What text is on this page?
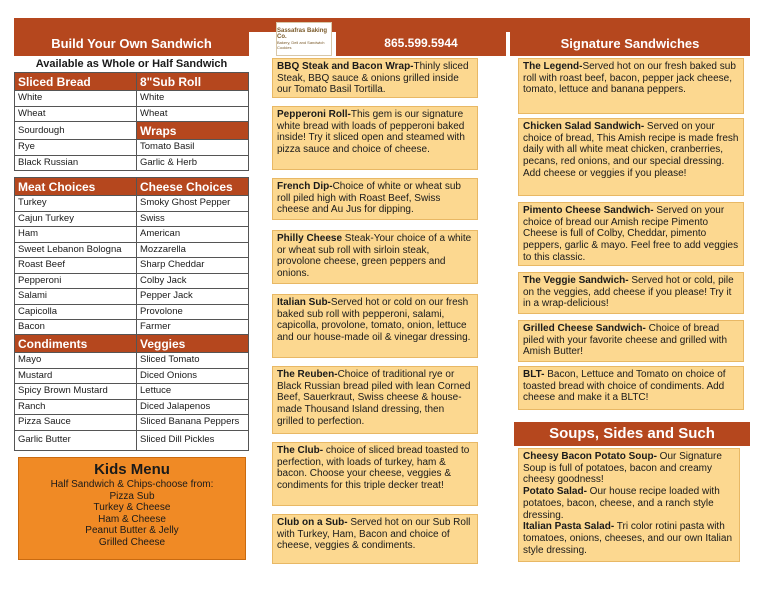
Build Your Own Sandwich	865.599.5944	Signature Sandwiches
Sassafras Baking Co.
Bakery, Deli and Sandwich Cookies
Available as Whole or Half Sandwich
Sliced Bread	8"Sub Roll
White	White
Wheat	Wheat
Sourdough	Wraps
Rye	Tomato Basil
Black Russian	Garlic & Herb
Meat Choices	Cheese Choices
Turkey	Smoky Ghost Pepper
Cajun Turkey	Swiss
Ham	American
Sweet Lebanon Bologna	Mozzarella
Roast Beef	Sharp Cheddar
Pepperoni	Colby Jack
Salami	Pepper Jack
Capicolla	Provolone
Bacon	Farmer
Condiments	Veggies
Mayo	Sliced Tomato
Mustard	Diced Onions
Spicy Brown Mustard	Lettuce
Ranch	Diced Jalapenos
Pizza Sauce	Sliced Banana Peppers
Garlic Butter	Sliced Dill Pickles
Kids Menu
Half Sandwich & Chips-choose from:
Pizza Sub
Turkey & Cheese
Ham & Cheese
Peanut Butter & Jelly
Grilled Cheese
BBQ Steak and Bacon Wrap-Thinly sliced Steak, BBQ sauce & onions grilled inside our Tomato Basil Tortilla.
Pepperoni Roll-This gem is our signature white bread with loads of pepperoni baked inside! Try it sliced open and steamed with pizza sauce and choice of cheese.
French Dip-Choice of white or wheat sub roll piled high with Roast Beef, Swiss cheese and Au Jus for dipping.
Philly Cheese Steak-Your choice of a white or wheat sub roll with sirloin steak, provolone cheese, green peppers and onions.
Italian Sub-Served hot or cold on our fresh baked sub roll with pepperoni, salami, capicolla, provolone, tomato, onion, lettuce and our house-made oil & vinegar dressing.
The Reuben-Choice of traditional rye or Black Russian bread piled with lean Corned Beef, Sauerkraut, Swiss cheese & house-made Thousand Island dressing, then grilled to perfection.
The Club- choice of sliced bread toasted to perfection, with loads of turkey, ham & bacon. Choose your cheese, veggies & condiments for this triple decker treat!
Club on a Sub- Served hot on our Sub Roll with Turkey, Ham, Bacon and choice of cheese, veggies & condiments.
The Legend-Served hot on our fresh baked sub roll with roast beef, bacon, pepper jack cheese, tomato, lettuce and banana peppers.
Chicken Salad Sandwich- Served on your choice of bread, This Amish recipe is made fresh daily with all white meat chicken, cranberries, pecans, red onions, and our special dressing. Add cheese or veggies if you please!
Pimento Cheese Sandwich- Served on your choice of bread our Amish recipe Pimento Cheese is full of Colby, Cheddar, pimento peppers, garlic & mayo. Feel free to add veggies to this classic.
The Veggie Sandwich- Served hot or cold, pile on the veggies, add cheese if you please! Try it in a wrap-delicious!
Grilled Cheese Sandwich- Choice of bread piled with your favorite cheese and grilled with Amish Butter!
BLT- Bacon, Lettuce and Tomato on choice of toasted bread with choice of condiments. Add cheese and make it a BLTC!
Soups, Sides and Such
Cheesy Bacon Potato Soup- Our Signature Soup is full of potatoes, bacon and creamy cheesy goodness!
Potato Salad- Our house recipe loaded with potatoes, bacon, cheese, and a ranch style dressing.
Italian Pasta Salad- Tri color rotini pasta with tomatoes, onions, cheeses, and our own Italian style dressing.
